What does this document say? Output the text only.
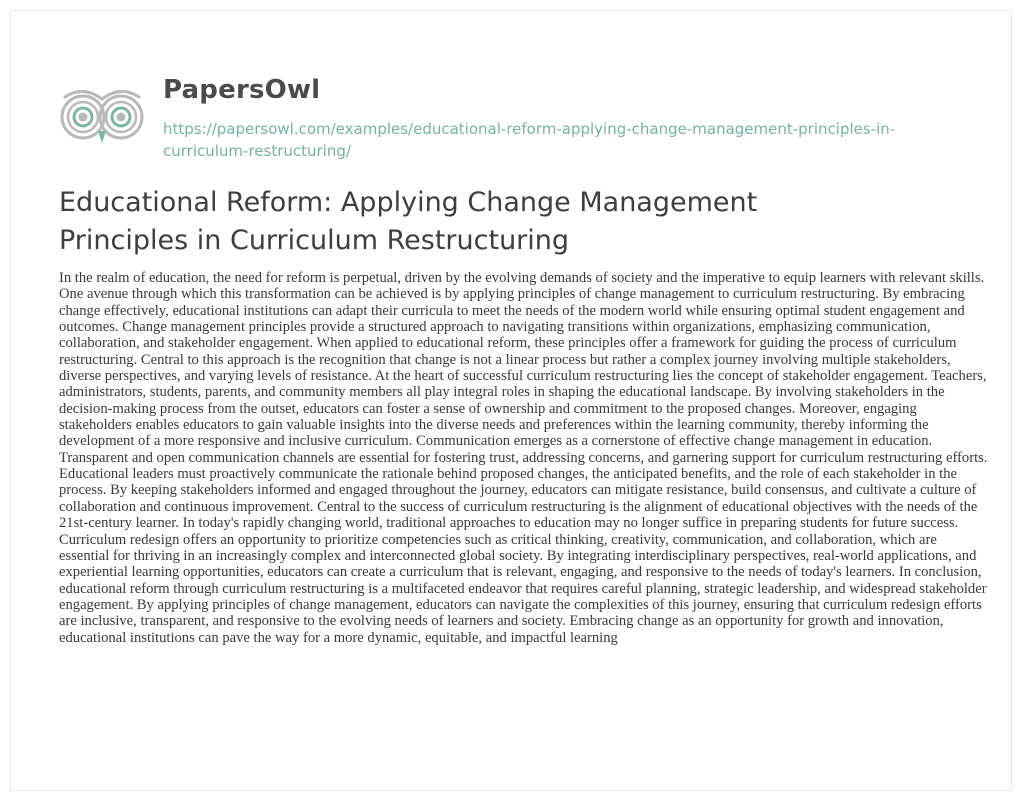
PapersOwl
https://papersowl.com/examples/educational-reform-applying-change-management-principles-in-curriculum-restructuring/
Educational Reform: Applying Change Management Principles in Curriculum Restructuring

In the realm of education, the need for reform is perpetual, driven by the evolving demands of society and the imperative to equip learners with relevant skills. One avenue through which this transformation can be achieved is by applying principles of change management to curriculum restructuring. By embracing change effectively, educational institutions can adapt their curricula to meet the needs of the modern world while ensuring optimal student engagement and outcomes. Change management principles provide a structured approach to navigating transitions within organizations, emphasizing communication, collaboration, and stakeholder engagement. When applied to educational reform, these principles offer a framework for guiding the process of curriculum restructuring. Central to this approach is the recognition that change is not a linear process but rather a complex journey involving multiple stakeholders, diverse perspectives, and varying levels of resistance. At the heart of successful curriculum restructuring lies the concept of stakeholder engagement. Teachers, administrators, students, parents, and community members all play integral roles in shaping the educational landscape. By involving stakeholders in the decision-making process from the outset, educators can foster a sense of ownership and commitment to the proposed changes. Moreover, engaging stakeholders enables educators to gain valuable insights into the diverse needs and preferences within the learning community, thereby informing the development of a more responsive and inclusive curriculum. Communication emerges as a cornerstone of effective change management in education. Transparent and open communication channels are essential for fostering trust, addressing concerns, and garnering support for curriculum restructuring efforts. Educational leaders must proactively communicate the rationale behind proposed changes, the anticipated benefits, and the role of each stakeholder in the process. By keeping stakeholders informed and engaged throughout the journey, educators can mitigate resistance, build consensus, and cultivate a culture of collaboration and continuous improvement. Central to the success of curriculum restructuring is the alignment of educational objectives with the needs of the 21st-century learner. In today's rapidly changing world, traditional approaches to education may no longer suffice in preparing students for future success. Curriculum redesign offers an opportunity to prioritize competencies such as critical thinking, creativity, communication, and collaboration, which are essential for thriving in an increasingly complex and interconnected global society. By integrating interdisciplinary perspectives, real-world applications, and experiential learning opportunities, educators can create a curriculum that is relevant, engaging, and responsive to the needs of today's learners. In conclusion, educational reform through curriculum restructuring is a multifaceted endeavor that requires careful planning, strategic leadership, and widespread stakeholder engagement. By applying principles of change management, educators can navigate the complexities of this journey, ensuring that curriculum redesign efforts are inclusive, transparent, and responsive to the evolving needs of learners and society. Embracing change as an opportunity for growth and innovation, educational institutions can pave the way for a more dynamic, equitable, and impactful learning
